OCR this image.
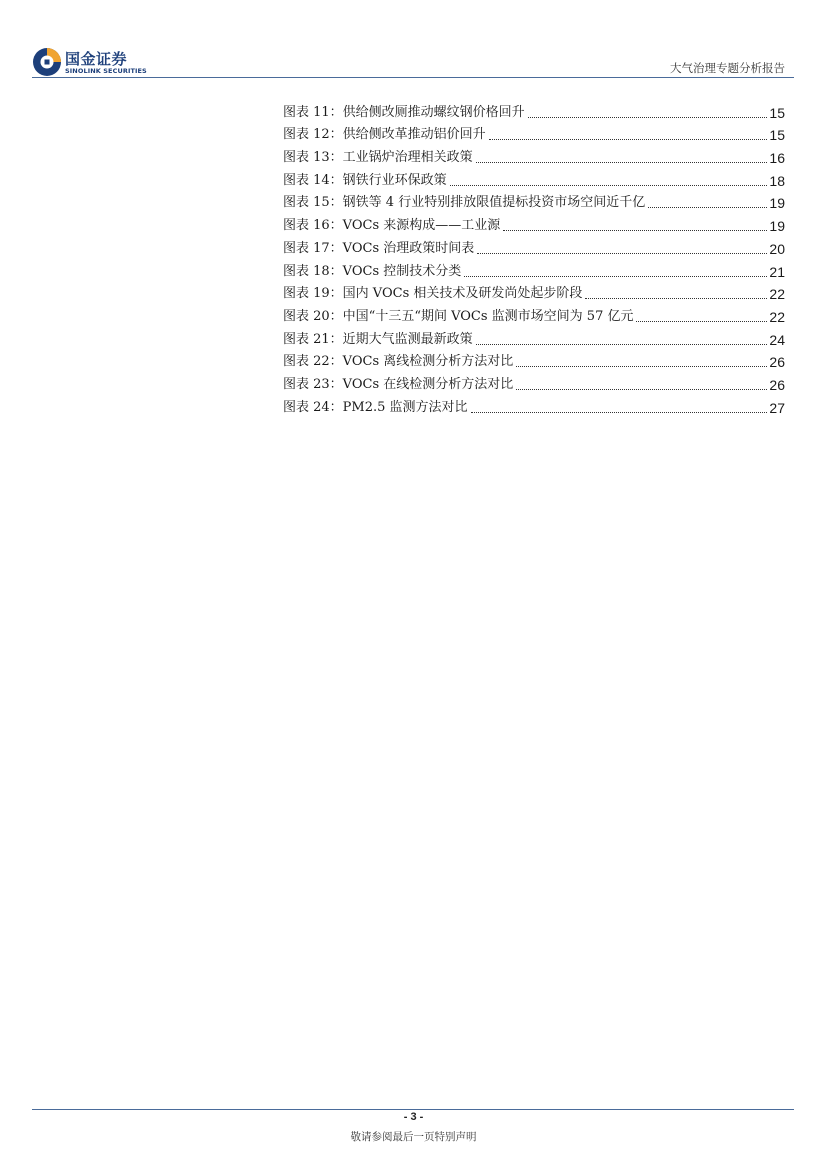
国金证券
SINOLINK SECURITIES	大气治理专题分析报告
图表 11：供给侧改厕推动螺纹钢价格回升	15
图表 12：供给侧改革推动铝价回升	15
图表 13：工业锅炉治理相关政策	16
图表 14：钢铁行业环保政策	18
图表 15：钢铁等 4 行业特别排放限值提标投资市场空间近千亿	19
图表 16：VOCs 来源构成——工业源	19
图表 17：VOCs 治理政策时间表	20
图表 18：VOCs 控制技术分类	21
图表 19：国内 VOCs 相关技术及研发尚处起步阶段	22
图表 20：中国“十三五“期间 VOCs 监测市场空间为 57 亿元	22
图表 21：近期大气监测最新政策	24
图表 22：VOCs 离线检测分析方法对比	26
图表 23：VOCs 在线检测分析方法对比	26
图表 24：PM2.5 监测方法对比	27
- 3 -
敬请参阅最后一页特别声明
